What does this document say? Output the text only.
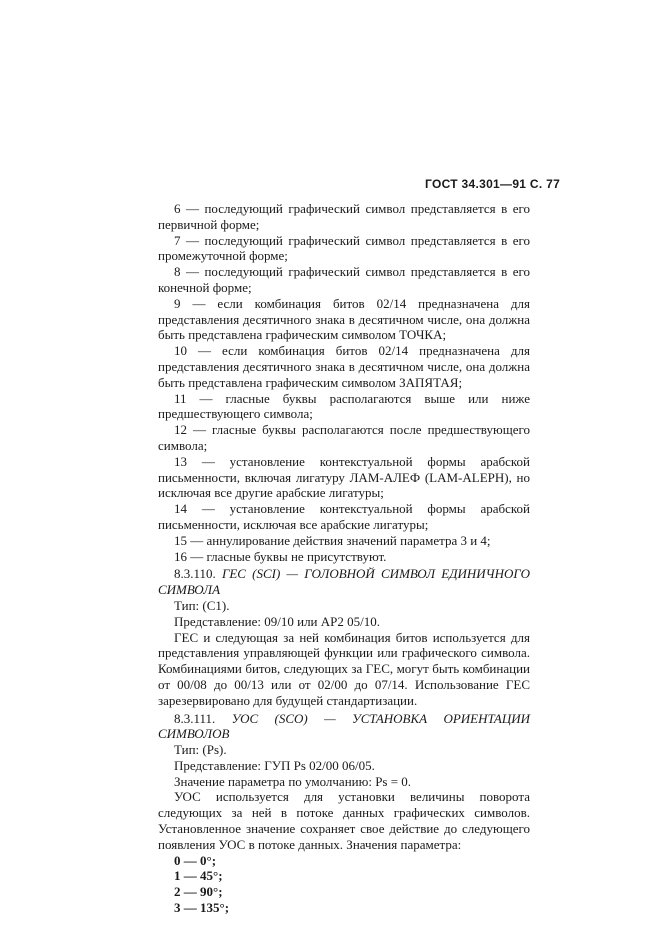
ГОСТ 34.301—91 С. 77

6 — последующий графический символ представляется в его первичной форме;

7 — последующий графический символ представляется в его промежуточной форме;

8 — последующий графический символ представляется в его конечной форме;

9 — если комбинация битов 02/14 предназначена для представления десятичного знака в десятичном числе, она должна быть представлена графическим символом ТОЧКА;

10 — если комбинация битов 02/14 предназначена для представления десятичного знака в десятичном числе, она должна быть представлена графическим символом ЗАПЯТАЯ;

11 — гласные буквы располагаются выше или ниже предшествующего символа;

12 — гласные буквы располагаются после предшествующего символа;

13 — установление контекстуальной формы арабской письменности, включая лигатуру ЛАМ-АЛЕФ (LAM-ALEPH), но исключая все другие арабские лигатуры;

14 — установление контекстуальной формы арабской письменности, исключая все арабские лигатуры;

15 — аннулирование действия значений параметра 3 и 4;

16 — гласные буквы не присутствуют.

8.3.110. ГЕС (SCI) — ГОЛОВНОЙ СИМВОЛ ЕДИНИЧНОГО СИМВОЛА

Тип: (C1).

Представление: 09/10 или AP2 05/10.

ГЕС и следующая за ней комбинация битов используется для представления управляющей функции или графического символа. Комбинациями битов, следующих за ГЕС, могут быть комбинации от 00/08 до 00/13 или от 02/00 до 07/14. Использование ГЕС зарезервировано для будущей стандартизации.

8.3.111. УОС (SCO) — УСТАНОВКА ОРИЕНТАЦИИ СИМВОЛОВ

Тип: (Ps).

Представление: ГУП Ps 02/00 06/05.

Значение параметра по умолчанию: Ps = 0.

УОС используется для установки величины поворота следующих за ней в потоке данных графических символов. Установленное значение сохраняет свое действие до следующего появления УОС в потоке данных. Значения параметра:

0 — 0°;

1 — 45°;

2 — 90°;

3 — 135°;
